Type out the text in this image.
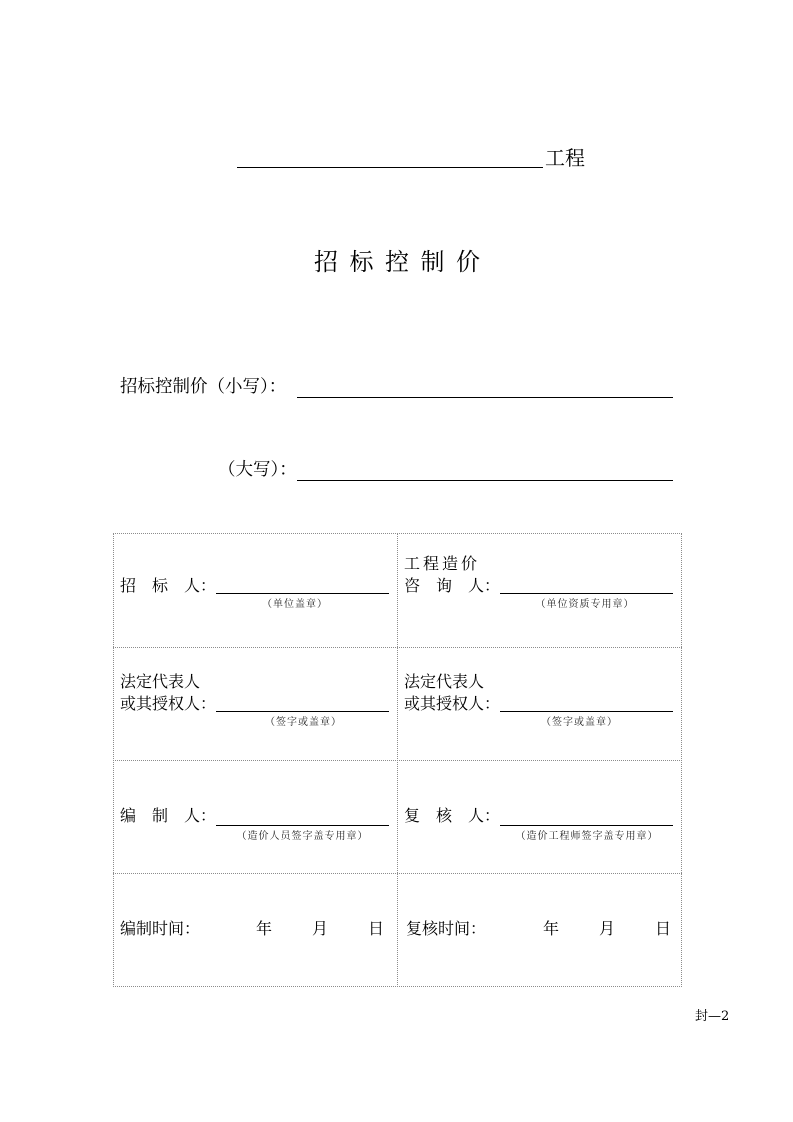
工程
招标控制价
招标控制价（小写）：
（大写）：
招　标　人：
（单位盖章）
工程造价
咨　询　人：
（单位资质专用章）
法定代表人
或其授权人：
（签字或盖章）
法定代表人
或其授权人：
（签字或盖章）
编　制　人：
（造价人员签字盖专用章）
复　核　人：
（造价工程师签字盖专用章）
编制时间：	年 月 日 复核时间：	年 月 日
封—2
